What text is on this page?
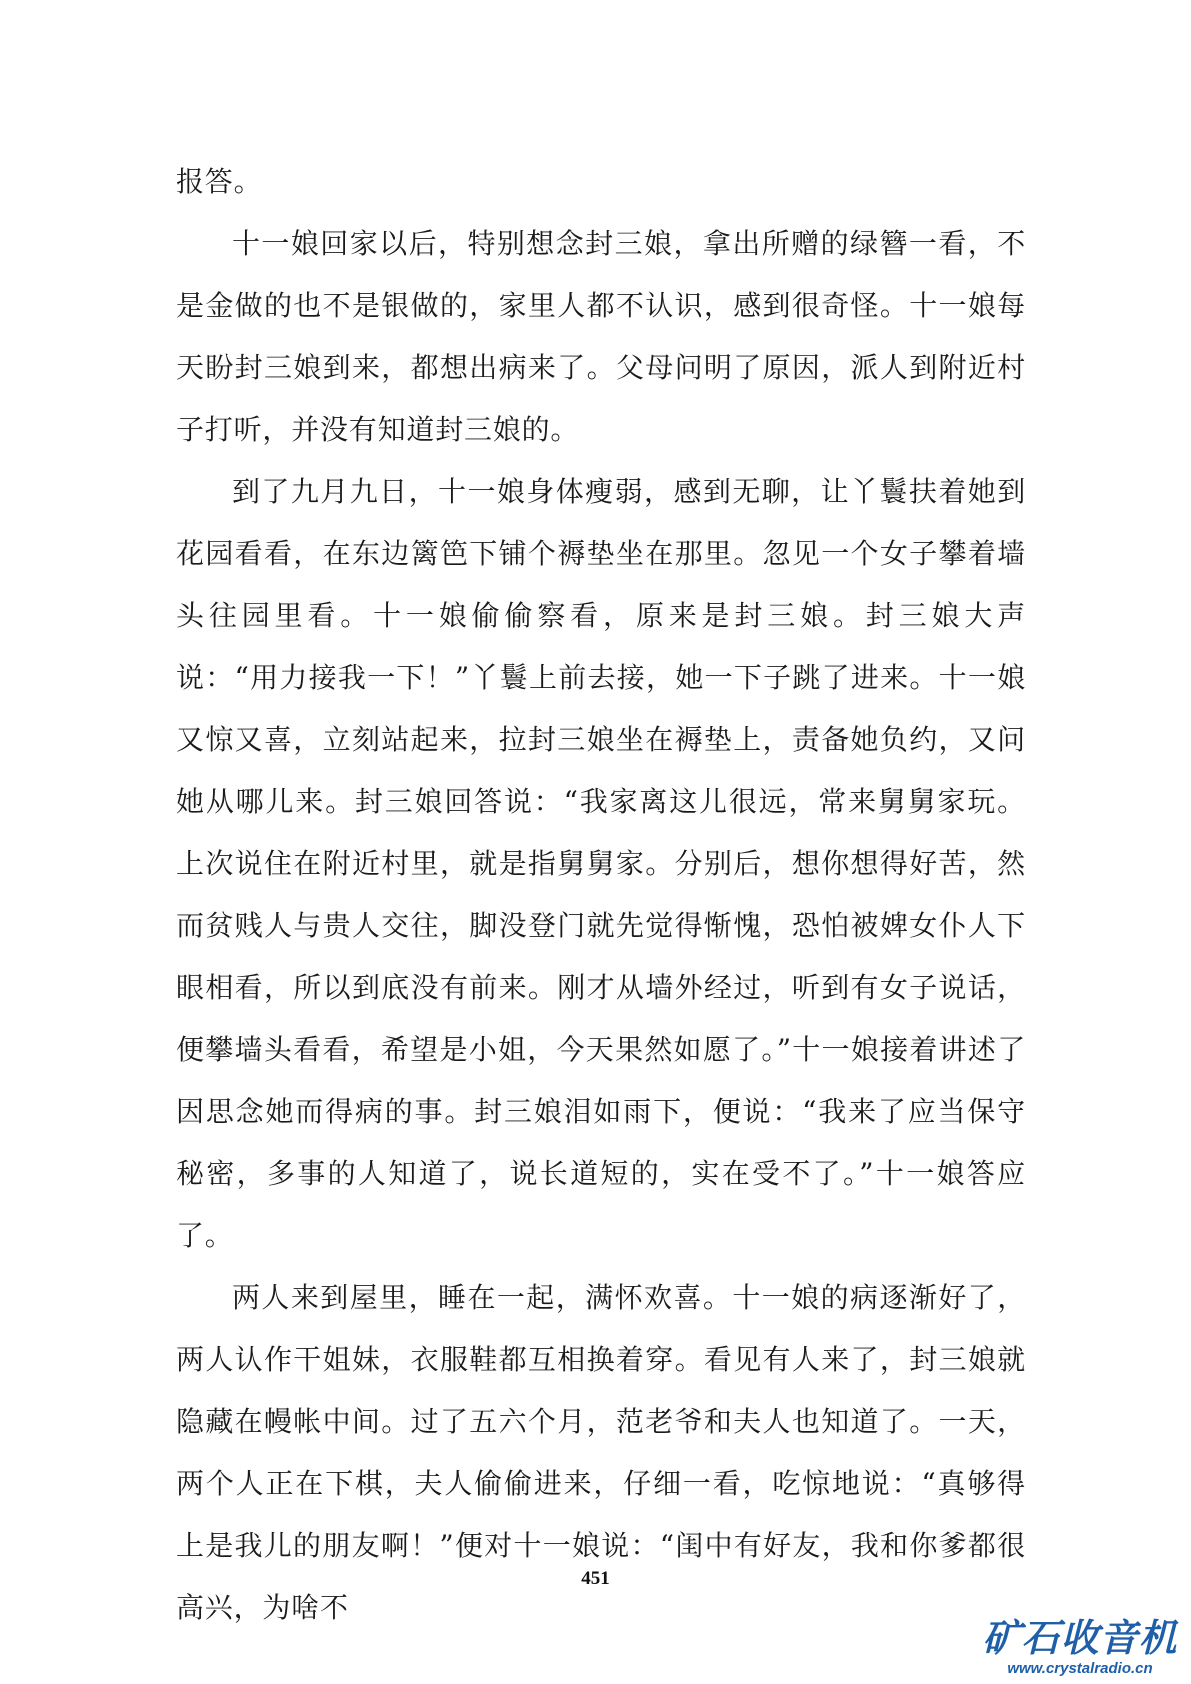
报答。

十一娘回家以后，特别想念封三娘，拿出所赠的绿簪一看，不是金做的也不是银做的，家里人都不认识，感到很奇怪。十一娘每天盼封三娘到来，都想出病来了。父母问明了原因，派人到附近村子打听，并没有知道封三娘的。

到了九月九日，十一娘身体瘦弱，感到无聊，让丫鬟扶着她到花园看看，在东边篱笆下铺个褥垫坐在那里。忽见一个女子攀着墙头往园里看。十一娘偷偷察看，原来是封三娘。封三娘大声说：“用力接我一下！”丫鬟上前去接，她一下子跳了进来。十一娘又惊又喜，立刻站起来，拉封三娘坐在褥垫上，责备她负约，又问她从哪儿来。封三娘回答说：“我家离这儿很远，常来舅舅家玩。上次说住在附近村里，就是指舅舅家。分别后，想你想得好苦，然而贫贱人与贵人交往，脚没登门就先觉得惭愧，恐怕被婢女仆人下眼相看，所以到底没有前来。刚才从墙外经过，听到有女子说话，便攀墙头看看，希望是小姐，今天果然如愿了。”十一娘接着讲述了因思念她而得病的事。封三娘泪如雨下，便说：“我来了应当保守秘密，多事的人知道了，说长道短的，实在受不了。”十一娘答应了。

两人来到屋里，睡在一起，满怀欢喜。十一娘的病逐渐好了，两人认作干姐妹，衣服鞋都互相换着穿。看见有人来了，封三娘就隐藏在幔帐中间。过了五六个月，范老爷和夫人也知道了。一天，两个人正在下棋，夫人偷偷进来，仔细一看，吃惊地说：“真够得上是我儿的朋友啊！”便对十一娘说：“闺中有好友，我和你爹都很高兴，为啥不

451
矿石收音机
www.crystalradio.cn
